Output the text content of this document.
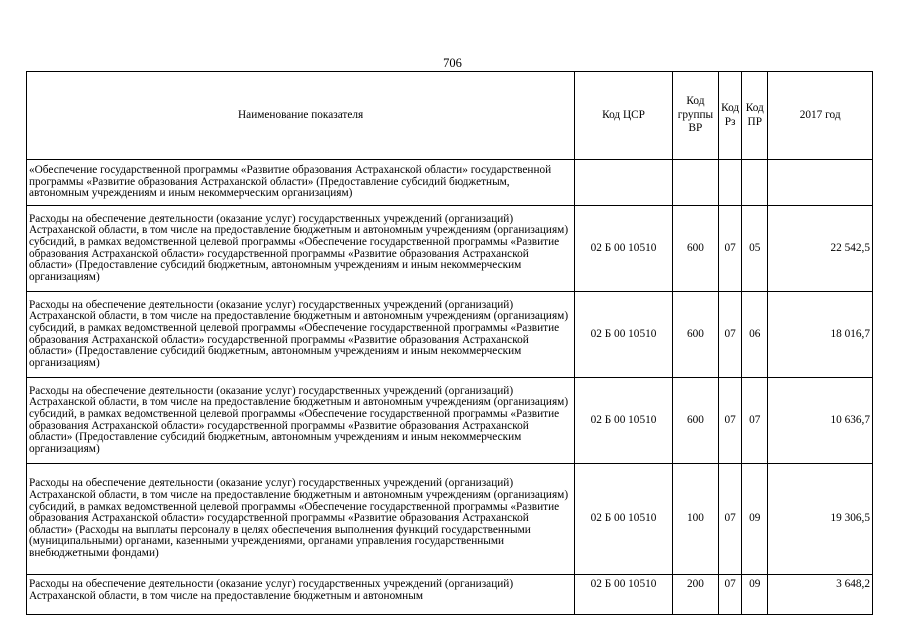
706
Наименование показателя	Код ЦСР	Код группы ВР	Код Рз	Код ПР	2017 год
«Обеспечение государственной программы «Развитие образования Астраханской области» государственной программы «Развитие образования Астраханской области» (Предоставление субсидий бюджетным, автономным учреждениям и иным некоммерческим организациям)					
Расходы на обеспечение деятельности (оказание услуг) государственных учреждений (организаций) Астраханской области, в том числе на предоставление бюджетным и автономным учреждениям (организациям) субсидий, в рамках ведомственной целевой программы «Обеспечение государственной программы «Развитие образования Астраханской области» государственной программы «Развитие образования Астраханской области» (Предоставление субсидий бюджетным, автономным учреждениям и иным некоммерческим организациям)	02 Б 00 10510	600	07	05	22 542,5
Расходы на обеспечение деятельности (оказание услуг) государственных учреждений (организаций) Астраханской области, в том числе на предоставление бюджетным и автономным учреждениям (организациям) субсидий, в рамках ведомственной целевой программы «Обеспечение государственной программы «Развитие образования Астраханской области» государственной программы «Развитие образования Астраханской области» (Предоставление субсидий бюджетным, автономным учреждениям и иным некоммерческим организациям)	02 Б 00 10510	600	07	06	18 016,7
Расходы на обеспечение деятельности (оказание услуг) государственных учреждений (организаций) Астраханской области, в том числе на предоставление бюджетным и автономным учреждениям (организациям) субсидий, в рамках ведомственной целевой программы «Обеспечение государственной программы «Развитие образования Астраханской области» государственной программы «Развитие образования Астраханской области» (Предоставление субсидий бюджетным, автономным учреждениям и иным некоммерческим организациям)	02 Б 00 10510	600	07	07	10 636,7
Расходы на обеспечение деятельности (оказание услуг) государственных учреждений (организаций) Астраханской области, в том числе на предоставление бюджетным и автономным учреждениям (организациям) субсидий, в рамках ведомственной целевой программы «Обеспечение государственной программы «Развитие образования Астраханской области» государственной программы «Развитие образования Астраханской области» (Расходы на выплаты персоналу в целях обеспечения выполнения функций государственными (муниципальными) органами, казенными учреждениями, органами управления государственными внебюджетными фондами)	02 Б 00 10510	100	07	09	19 306,5
Расходы на обеспечение деятельности (оказание услуг) государственных учреждений (организаций) Астраханской области, в том числе на предоставление бюджетным и автономным	02 Б 00 10510	200	07	09	3 648,2
